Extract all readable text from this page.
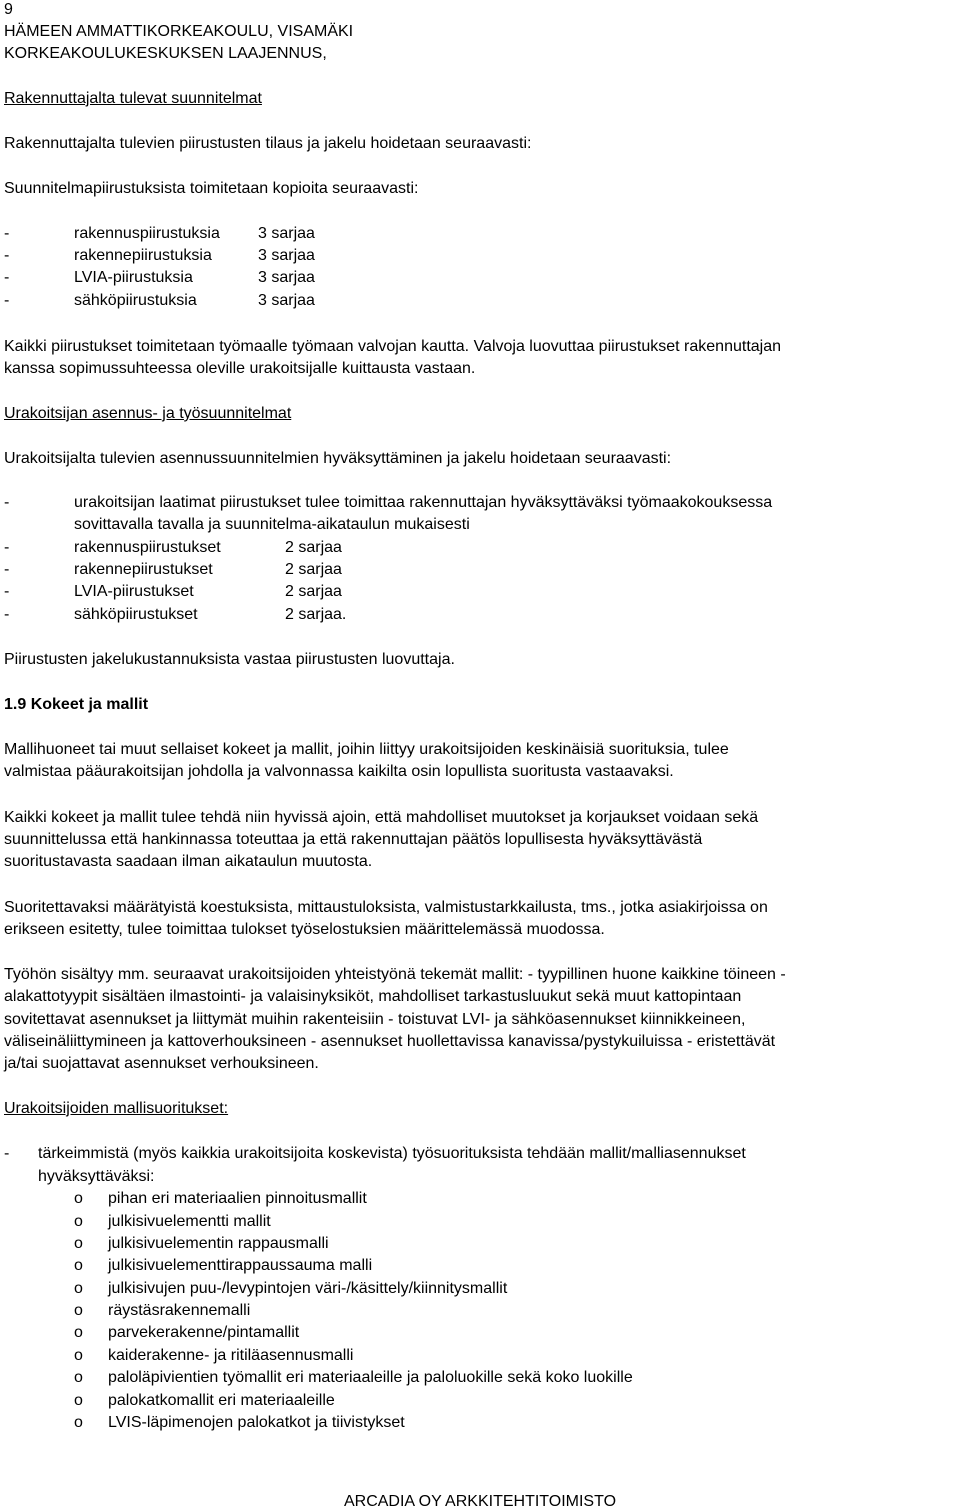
9
HÄMEEN AMMATTIKORKEAKOULU, VISAMÄKI
KORKEAKOULUKESKUKSEN LAAJENNUS,
Rakennuttajalta tulevat suunnitelmat
Rakennuttajalta tulevien piirustusten tilaus ja jakelu hoidetaan seuraavasti:
Suunnitelmapiirustuksista toimitetaan kopioita seuraavasti:
-	rakennuspiirustuksia 3 sarjaa
-	rakennepiirustuksia	3 sarjaa
-	LVIA-piirustuksia	3 sarjaa
-	sähköpiirustuksia	3 sarjaa
Kaikki piirustukset toimitetaan työmaalle työmaan valvojan kautta. Valvoja luovuttaa piirustukset rakennuttajan
kanssa sopimussuhteessa oleville urakoitsijalle kuittausta vastaan.
Urakoitsijan asennus- ja työsuunnitelmat
Urakoitsijalta tulevien asennussuunnitelmien hyväksyttäminen ja jakelu hoidetaan seuraavasti:
-	urakoitsijan laatimat piirustukset tulee toimittaa rakennuttajan hyväksyttäväksi työmaakokouksessa
sovittavalla tavalla ja suunnitelma-aikataulun mukaisesti
-	rakennuspiirustukset	2 sarjaa
-	rakennepiirustukset	2 sarjaa
-	LVIA-piirustukset	2 sarjaa
-	sähköpiirustukset	2 sarjaa.
Piirustusten jakelukustannuksista vastaa piirustusten luovuttaja.
1.9 Kokeet ja mallit
Mallihuoneet tai muut sellaiset kokeet ja mallit, joihin liittyy urakoitsijoiden keskinäisiä suorituksia, tulee
valmistaa pääurakoitsijan johdolla ja valvonnassa kaikilta osin lopullista suoritusta vastaavaksi.
Kaikki kokeet ja mallit tulee tehdä niin hyvissä ajoin, että mahdolliset muutokset ja korjaukset voidaan sekä
suunnittelussa että hankinnassa toteuttaa ja että rakennuttajan päätös lopullisesta hyväksyttävästä
suoritustavasta saadaan ilman aikataulun muutosta.
Suoritettavaksi määrätyistä koestuksista, mittaustuloksista, valmistustarkkailusta, tms., jotka asiakirjoissa on
erikseen esitetty, tulee toimittaa tulokset työselostuksien määrittelemässä muodossa.
Työhön sisältyy mm. seuraavat urakoitsijoiden yhteistyönä tekemät mallit: - tyypillinen huone kaikkine töineen -
alakattotyypit sisältäen ilmastointi- ja valaisinyksiköt, mahdolliset tarkastusluukut sekä muut kattopintaan
sovitettavat asennukset ja liittymät muihin rakenteisiin - toistuvat LVI- ja sähköasennukset kiinnikkeineen,
väliseinäliittymineen ja kattoverhouksineen - asennukset huollettavissa kanavissa/pystykuiluissa - eristettävät
ja/tai suojattavat asennukset verhouksineen.
Urakoitsijoiden mallisuoritukset:
- tärkeimmistä (myös kaikkia urakoitsijoita koskevista) työsuorituksista tehdään mallit/malliasennukset
hyväksyttäväksi:
o pihan eri materiaalien pinnoitusmallit
o julkisivuelementti mallit
o julkisivuelementin rappausmalli
o julkisivuelementtirappaussauma malli
o julkisivujen puu-/levypintojen väri-/käsittely/kiinnitysmallit
o räystäsrakennemalli
o parvekerakenne/pintamallit
o kaiderakenne- ja ritiläasennusmalli
o paloläpivientien työmallit eri materiaaleille ja paloluokille sekä koko luokille
o palokatkomallit eri materiaaleille
o LVIS-läpimenojen palokatkot ja tiivistykset
ARCADIA OY ARKKITEHTITOIMISTO
